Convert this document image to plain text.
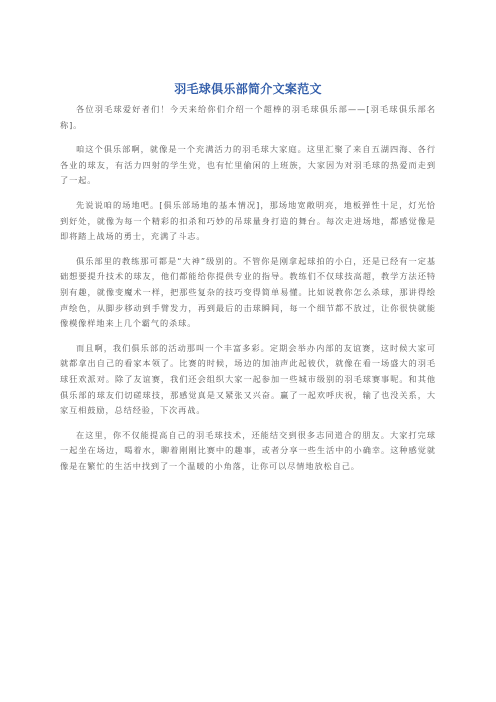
羽毛球俱乐部简介文案范文

各位羽毛球爱好者们！今天来给你们介绍一个超棒的羽毛球俱乐部——[羽毛球俱乐部名称]。

咱这个俱乐部啊，就像是一个充满活力的羽毛球大家庭。这里汇聚了来自五湖四海、各行各业的球友，有活力四射的学生党，也有忙里偷闲的上班族，大家因为对羽毛球的热爱而走到了一起。

先说说咱的场地吧。[俱乐部场地的基本情况]，那场地宽敞明亮，地板弹性十足，灯光恰到好处，就像为每一个精彩的扣杀和巧妙的吊球量身打造的舞台。每次走进场地，都感觉像是即将踏上战场的勇士，充满了斗志。

俱乐部里的教练那可都是“大神”级别的。不管你是刚拿起球拍的小白，还是已经有一定基础想要提升技术的球友，他们都能给你提供专业的指导。教练们不仅球技高超，教学方法还特别有趣，就像变魔术一样，把那些复杂的技巧变得简单易懂。比如说教你怎么杀球，那讲得绘声绘色，从脚步移动到手臂发力，再到最后的击球瞬间，每一个细节都不放过，让你很快就能像模像样地来上几个霸气的杀球。

而且啊，我们俱乐部的活动那叫一个丰富多彩。定期会举办内部的友谊赛，这时候大家可就都拿出自己的看家本领了。比赛的时候，场边的加油声此起彼伏，就像在看一场盛大的羽毛球狂欢派对。除了友谊赛，我们还会组织大家一起参加一些城市级别的羽毛球赛事呢。和其他俱乐部的球友们切磋球技，那感觉真是又紧张又兴奋。赢了一起欢呼庆祝，输了也没关系，大家互相鼓励，总结经验，下次再战。

在这里，你不仅能提高自己的羽毛球技术，还能结交到很多志同道合的朋友。大家打完球一起坐在场边，喝着水，聊着刚刚比赛中的趣事，或者分享一些生活中的小确幸。这种感觉就像是在繁忙的生活中找到了一个温暖的小角落，让你可以尽情地放松自己。
